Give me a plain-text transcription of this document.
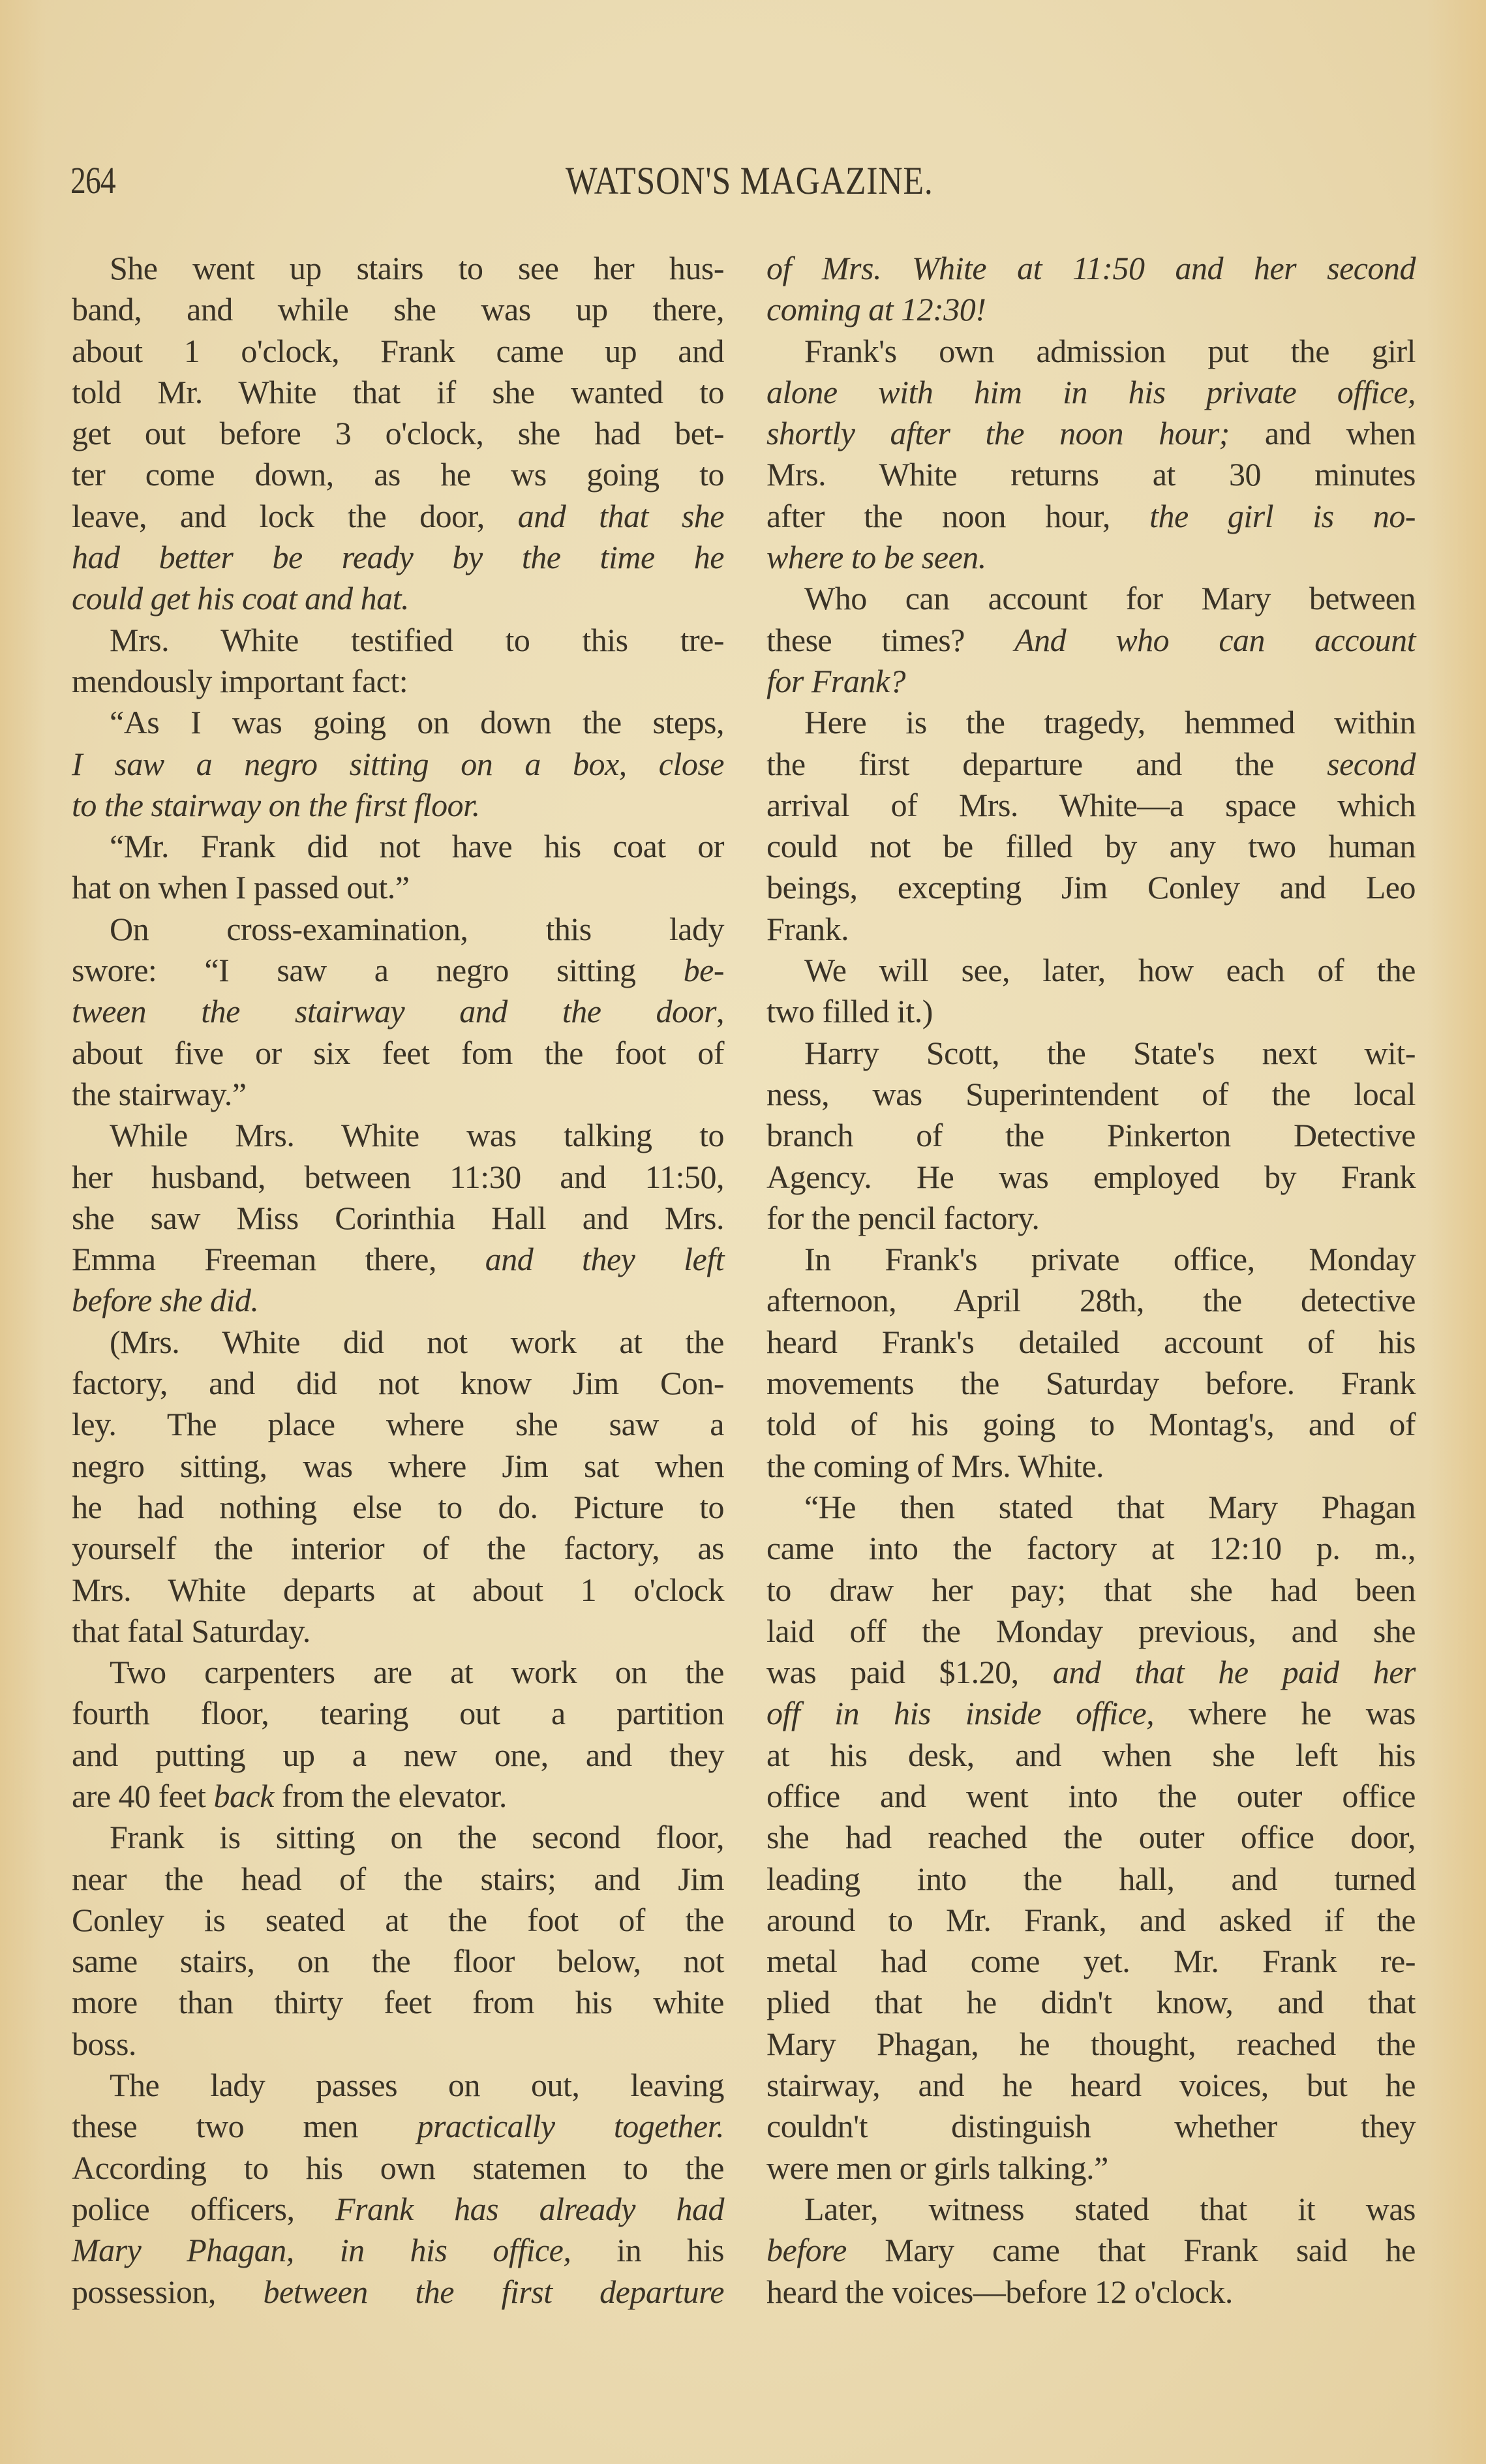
264	WATSON'S MAGAZINE.
She went up stairs to see her hus-
band, and while she was up there,
about 1 o'clock, Frank came up and
told Mr. White that if she wanted to
get out before 3 o'clock, she had bet-
ter come down, as he ws going to
leave, and lock the door, and that she
had better be ready by the time he
could get his coat and hat.
Mrs. White testified to this tre-
mendously important fact:
“As I was going on down the steps,
I saw a negro sitting on a box, close
to the stairway on the first floor.
“Mr. Frank did not have his coat or
hat on when I passed out.”
On cross-examination, this lady
swore: “I saw a negro sitting be-
tween the stairway and the door,
about five or six feet fom the foot of
the stairway.”
While Mrs. White was talking to
her husband, between 11:30 and 11:50,
she saw Miss Corinthia Hall and Mrs.
Emma Freeman there, and they left
before she did.
(Mrs. White did not work at the
factory, and did not know Jim Con-
ley. The place where she saw a
negro sitting, was where Jim sat when
he had nothing else to do. Picture to
yourself the interior of the factory, as
Mrs. White departs at about 1 o'clock
that fatal Saturday.
Two carpenters are at work on the
fourth floor, tearing out a partition
and putting up a new one, and they
are 40 feet back from the elevator.
Frank is sitting on the second floor,
near the head of the stairs; and Jim
Conley is seated at the foot of the
same stairs, on the floor below, not
more than thirty feet from his white
boss.
The lady passes on out, leaving
these two men practically together.
According to his own statemen to the
police officers, Frank has already had
Mary Phagan, in his office, in his
possession, between the first departure
of Mrs. White at 11:50 and her second
coming at 12:30!
Frank's own admission put the girl
alone with him in his private office,
shortly after the noon hour; and when
Mrs. White returns at 30 minutes
after the noon hour, the girl is no-
where to be seen.
Who can account for Mary between
these times? And who can account
for Frank?
Here is the tragedy, hemmed within
the first departure and the second
arrival of Mrs. White—a space which
could not be filled by any two human
beings, excepting Jim Conley and Leo
Frank.
We will see, later, how each of the
two filled it.)
Harry Scott, the State's next wit-
ness, was Superintendent of the local
branch of the Pinkerton Detective
Agency. He was employed by Frank
for the pencil factory.
In Frank's private office, Monday
afternoon, April 28th, the detective
heard Frank's detailed account of his
movements the Saturday before. Frank
told of his going to Montag's, and of
the coming of Mrs. White.
“He then stated that Mary Phagan
came into the factory at 12:10 p. m.,
to draw her pay; that she had been
laid off the Monday previous, and she
was paid $1.20, and that he paid her
off in his inside office, where he was
at his desk, and when she left his
office and went into the outer office
she had reached the outer office door,
leading into the hall, and turned
around to Mr. Frank, and asked if the
metal had come yet. Mr. Frank re-
plied that he didn't know, and that
Mary Phagan, he thought, reached the
stairway, and he heard voices, but he
couldn't distinguish whether they
were men or girls talking.”
Later, witness stated that it was
before Mary came that Frank said he
heard the voices—before 12 o'clock.
